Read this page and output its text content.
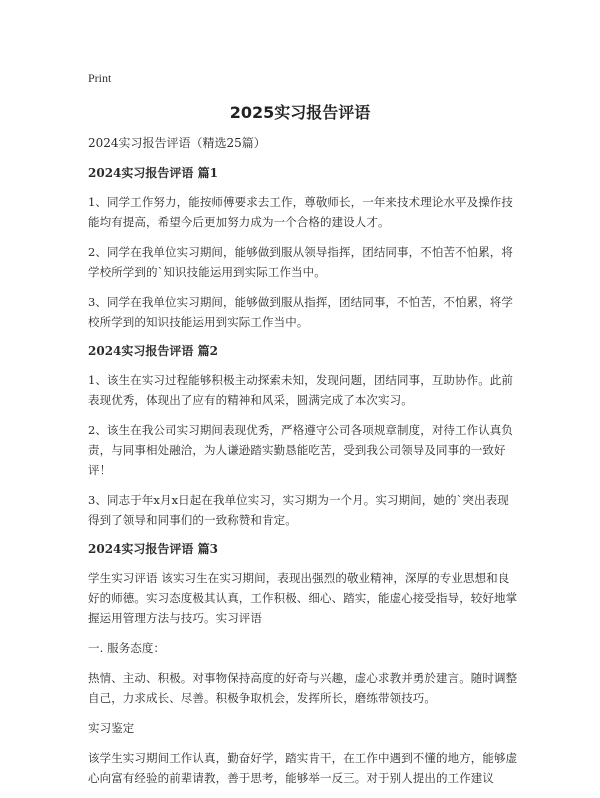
Print
2025实习报告评语

2024实习报告评语（精选25篇）

2024实习报告评语 篇1

1、同学工作努力，能按师傅要求去工作，尊敬师长，一年来技术理论水平及操作技能均有提高，希望今后更加努力成为一个合格的建设人才。

2、同学在我单位实习期间，能够做到服从领导指挥，团结同事，不怕苦不怕累，将学校所学到的`知识技能运用到实际工作当中。

3、同学在我单位实习期间，能够做到服从指挥，团结同事，不怕苦，不怕累，将学校所学到的知识技能运用到实际工作当中。

2024实习报告评语 篇2

1、该生在实习过程能够积极主动探索未知，发现问题，团结同事，互助协作。此前表现优秀，体现出了应有的精神和风采，圆满完成了本次实习。

2、该生在我公司实习期间表现优秀，严格遵守公司各项规章制度，对待工作认真负责，与同事相处融洽，为人谦逊踏实勤恳能吃苦，受到我公司领导及同事的一致好评！

3、同志于年x月x日起在我单位实习，实习期为一个月。实习期间，她的`突出表现得到了领导和同事们的一致称赞和肯定。

2024实习报告评语 篇3

学生实习评语 该实习生在实习期间，表现出强烈的敬业精神，深厚的专业思想和良好的师德。实习态度极其认真，工作积极、细心、踏实，能虚心接受指导，较好地掌握运用管理方法与技巧。实习评语

一. 服务态度：

热情、主动、积极。对事物保持高度的好奇与兴趣，虚心求教并勇於建言。随时调整自己，力求成长、尽善。积极争取机会，发挥所长，磨练带领技巧。

实习鉴定

该学生实习期间工作认真，勤奋好学，踏实肯干，在工作中遇到不懂的地方，能够虚心向富有经验的前辈请教，善于思考，能够举一反三。对于别人提出的工作建议
